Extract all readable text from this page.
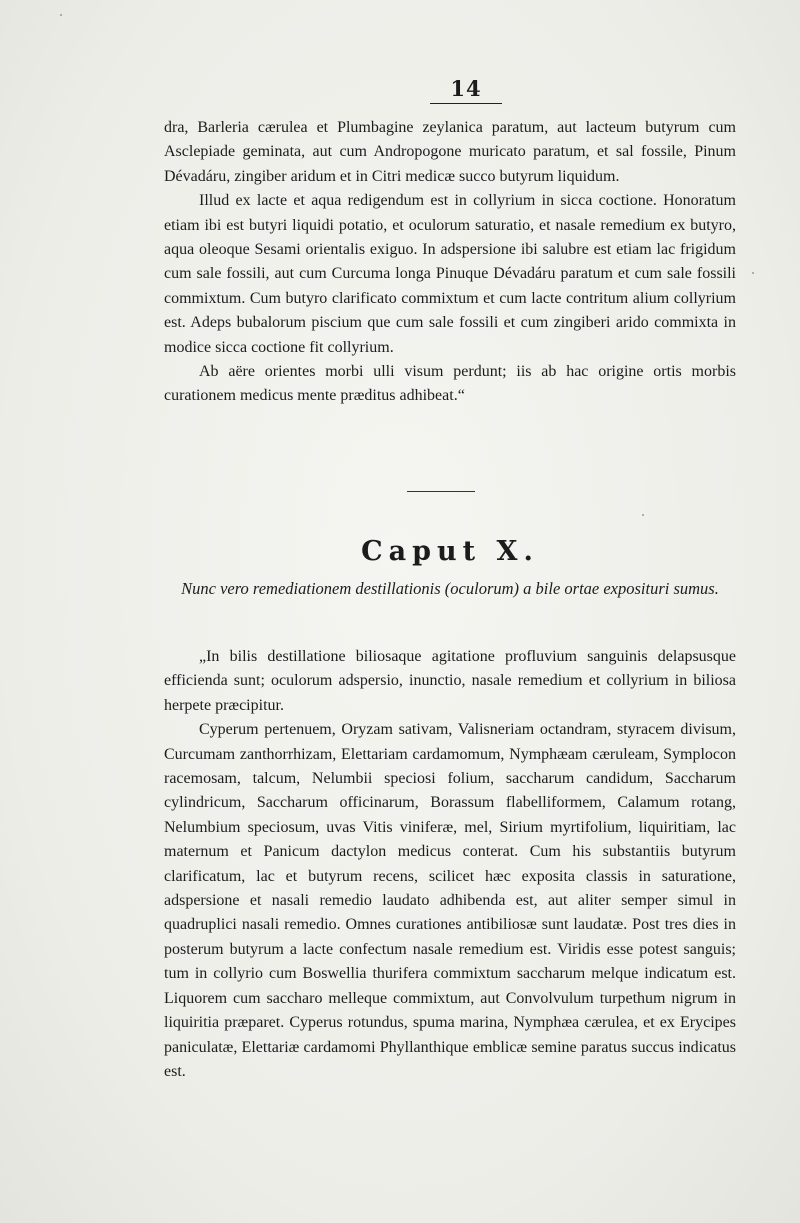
14

dra, Barleria cærulea et Plumbagine zeylanica paratum, aut lacteum butyrum cum Asclepiade geminata, aut cum Andropogone muricato paratum, et sal fossile, Pinum Dévadáru, zingiber aridum et in Citri medicæ succo butyrum liquidum.

Illud ex lacte et aqua redigendum est in collyrium in sicca coctione. Honoratum etiam ibi est butyri liquidi potatio, et oculorum saturatio, et nasale remedium ex butyro, aqua oleoque Sesami orientalis exiguo. In adspersione ibi salubre est etiam lac frigidum cum sale fossili, aut cum Curcuma longa Pinuque Dévadáru paratum et cum sale fossili commixtum. Cum butyro clarificato commixtum et cum lacte contritum alium collyrium est. Adeps bubalorum piscium que cum sale fossili et cum zingiberi arido commixta in modice sicca coctione fit collyrium.

Ab aëre orientes morbi ulli visum perdunt; iis ab hac origine ortis morbis curationem medicus mente præditus adhibeat.“

Caput X.
Nunc vero remediationem destillationis (oculorum) a bile ortae exposituri sumus.

„In bilis destillatione biliosaque agitatione profluvium sanguinis delapsusque efficienda sunt; oculorum adspersio, inunctio, nasale remedium et collyrium in biliosa herpete præcipitur.

Cyperum pertenuem, Oryzam sativam, Valisneriam octandram, styracem divisum, Curcumam zanthorrhizam, Elettariam cardamomum, Nymphæam cæruleam, Symplocon racemosam, talcum, Nelumbii speciosi folium, saccharum candidum, Saccharum cylindricum, Saccharum officinarum, Borassum flabelliformem, Calamum rotang, Nelumbium speciosum, uvas Vitis viniferæ, mel, Sirium myrtifolium, liquiritiam, lac maternum et Panicum dactylon medicus conterat. Cum his substantiis butyrum clarificatum, lac et butyrum recens, scilicet hæc exposita classis in saturatione, adspersione et nasali remedio laudato adhibenda est, aut aliter semper simul in quadruplici nasali remedio. Omnes curationes antibiliosæ sunt laudatæ. Post tres dies in posterum butyrum a lacte confectum nasale remedium est. Viridis esse potest sanguis; tum in collyrio cum Boswellia thurifera commixtum saccharum melque indicatum est. Liquorem cum saccharo melleque commixtum, aut Convolvulum turpethum nigrum in liquiritia præparet. Cyperus rotundus, spuma marina, Nymphæa cærulea, et ex Erycipes paniculatæ, Elettariæ cardamomi Phyllanthique emblicæ semine paratus succus indicatus est.
